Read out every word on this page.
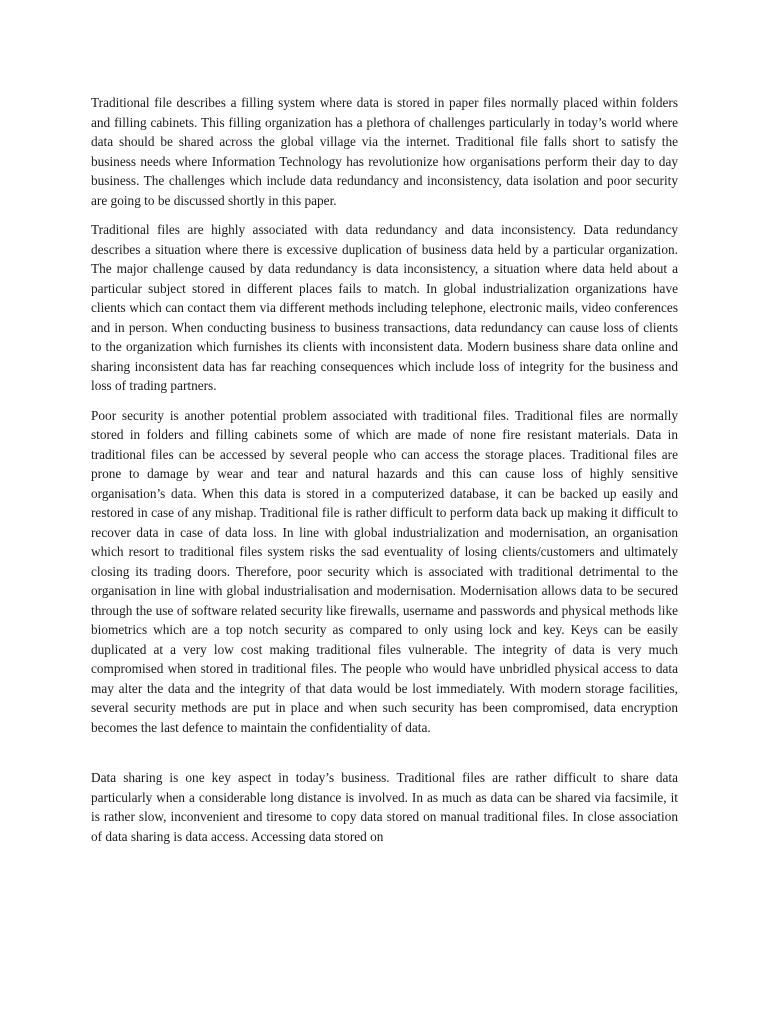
Traditional file describes a filling system where data is stored in paper files normally placed within folders and filling cabinets. This filling organization has a plethora of challenges particularly in today’s world where data should be shared across the global village via the internet. Traditional file falls short to satisfy the business needs where Information Technology has revolutionize how organisations perform their day to day business. The challenges which include data redundancy and inconsistency, data isolation and poor security are going to be discussed shortly in this paper.

Traditional files are highly associated with data redundancy and data inconsistency. Data redundancy describes a situation where there is excessive duplication of business data held by a particular organization. The major challenge caused by data redundancy is data inconsistency, a situation where data held about a particular subject stored in different places fails to match. In global industrialization organizations have clients which can contact them via different methods including telephone, electronic mails, video conferences and in person. When conducting business to business transactions, data redundancy can cause loss of clients to the organization which furnishes its clients with inconsistent data. Modern business share data online and sharing inconsistent data has far reaching consequences which include loss of integrity for the business and loss of trading partners.

Poor security is another potential problem associated with traditional files. Traditional files are normally stored in folders and filling cabinets some of which are made of none fire resistant materials. Data in traditional files can be accessed by several people who can access the storage places. Traditional files are prone to damage by wear and tear and natural hazards and this can cause loss of highly sensitive organisation’s data. When this data is stored in a computerized database, it can be backed up easily and restored in case of any mishap. Traditional file is rather difficult to perform data back up making it difficult to recover data in case of data loss. In line with global industrialization and modernisation, an organisation which resort to traditional files system risks the sad eventuality of losing clients/customers and ultimately closing its trading doors. Therefore, poor security which is associated with traditional detrimental to the organisation in line with global industrialisation and modernisation. Modernisation allows data to be secured through the use of software related security like firewalls, username and passwords and physical methods like biometrics which are a top notch security as compared to only using lock and key. Keys can be easily duplicated at a very low cost making traditional files vulnerable. The integrity of data is very much compromised when stored in traditional files. The people who would have unbridled physical access to data may alter the data and the integrity of that data would be lost immediately. With modern storage facilities, several security methods are put in place and when such security has been compromised, data encryption becomes the last defence to maintain the confidentiality of data.

Data sharing is one key aspect in today’s business. Traditional files are rather difficult to share data particularly when a considerable long distance is involved. In as much as data can be shared via facsimile, it is rather slow, inconvenient and tiresome to copy data stored on manual traditional files. In close association of data sharing is data access. Accessing data stored on
